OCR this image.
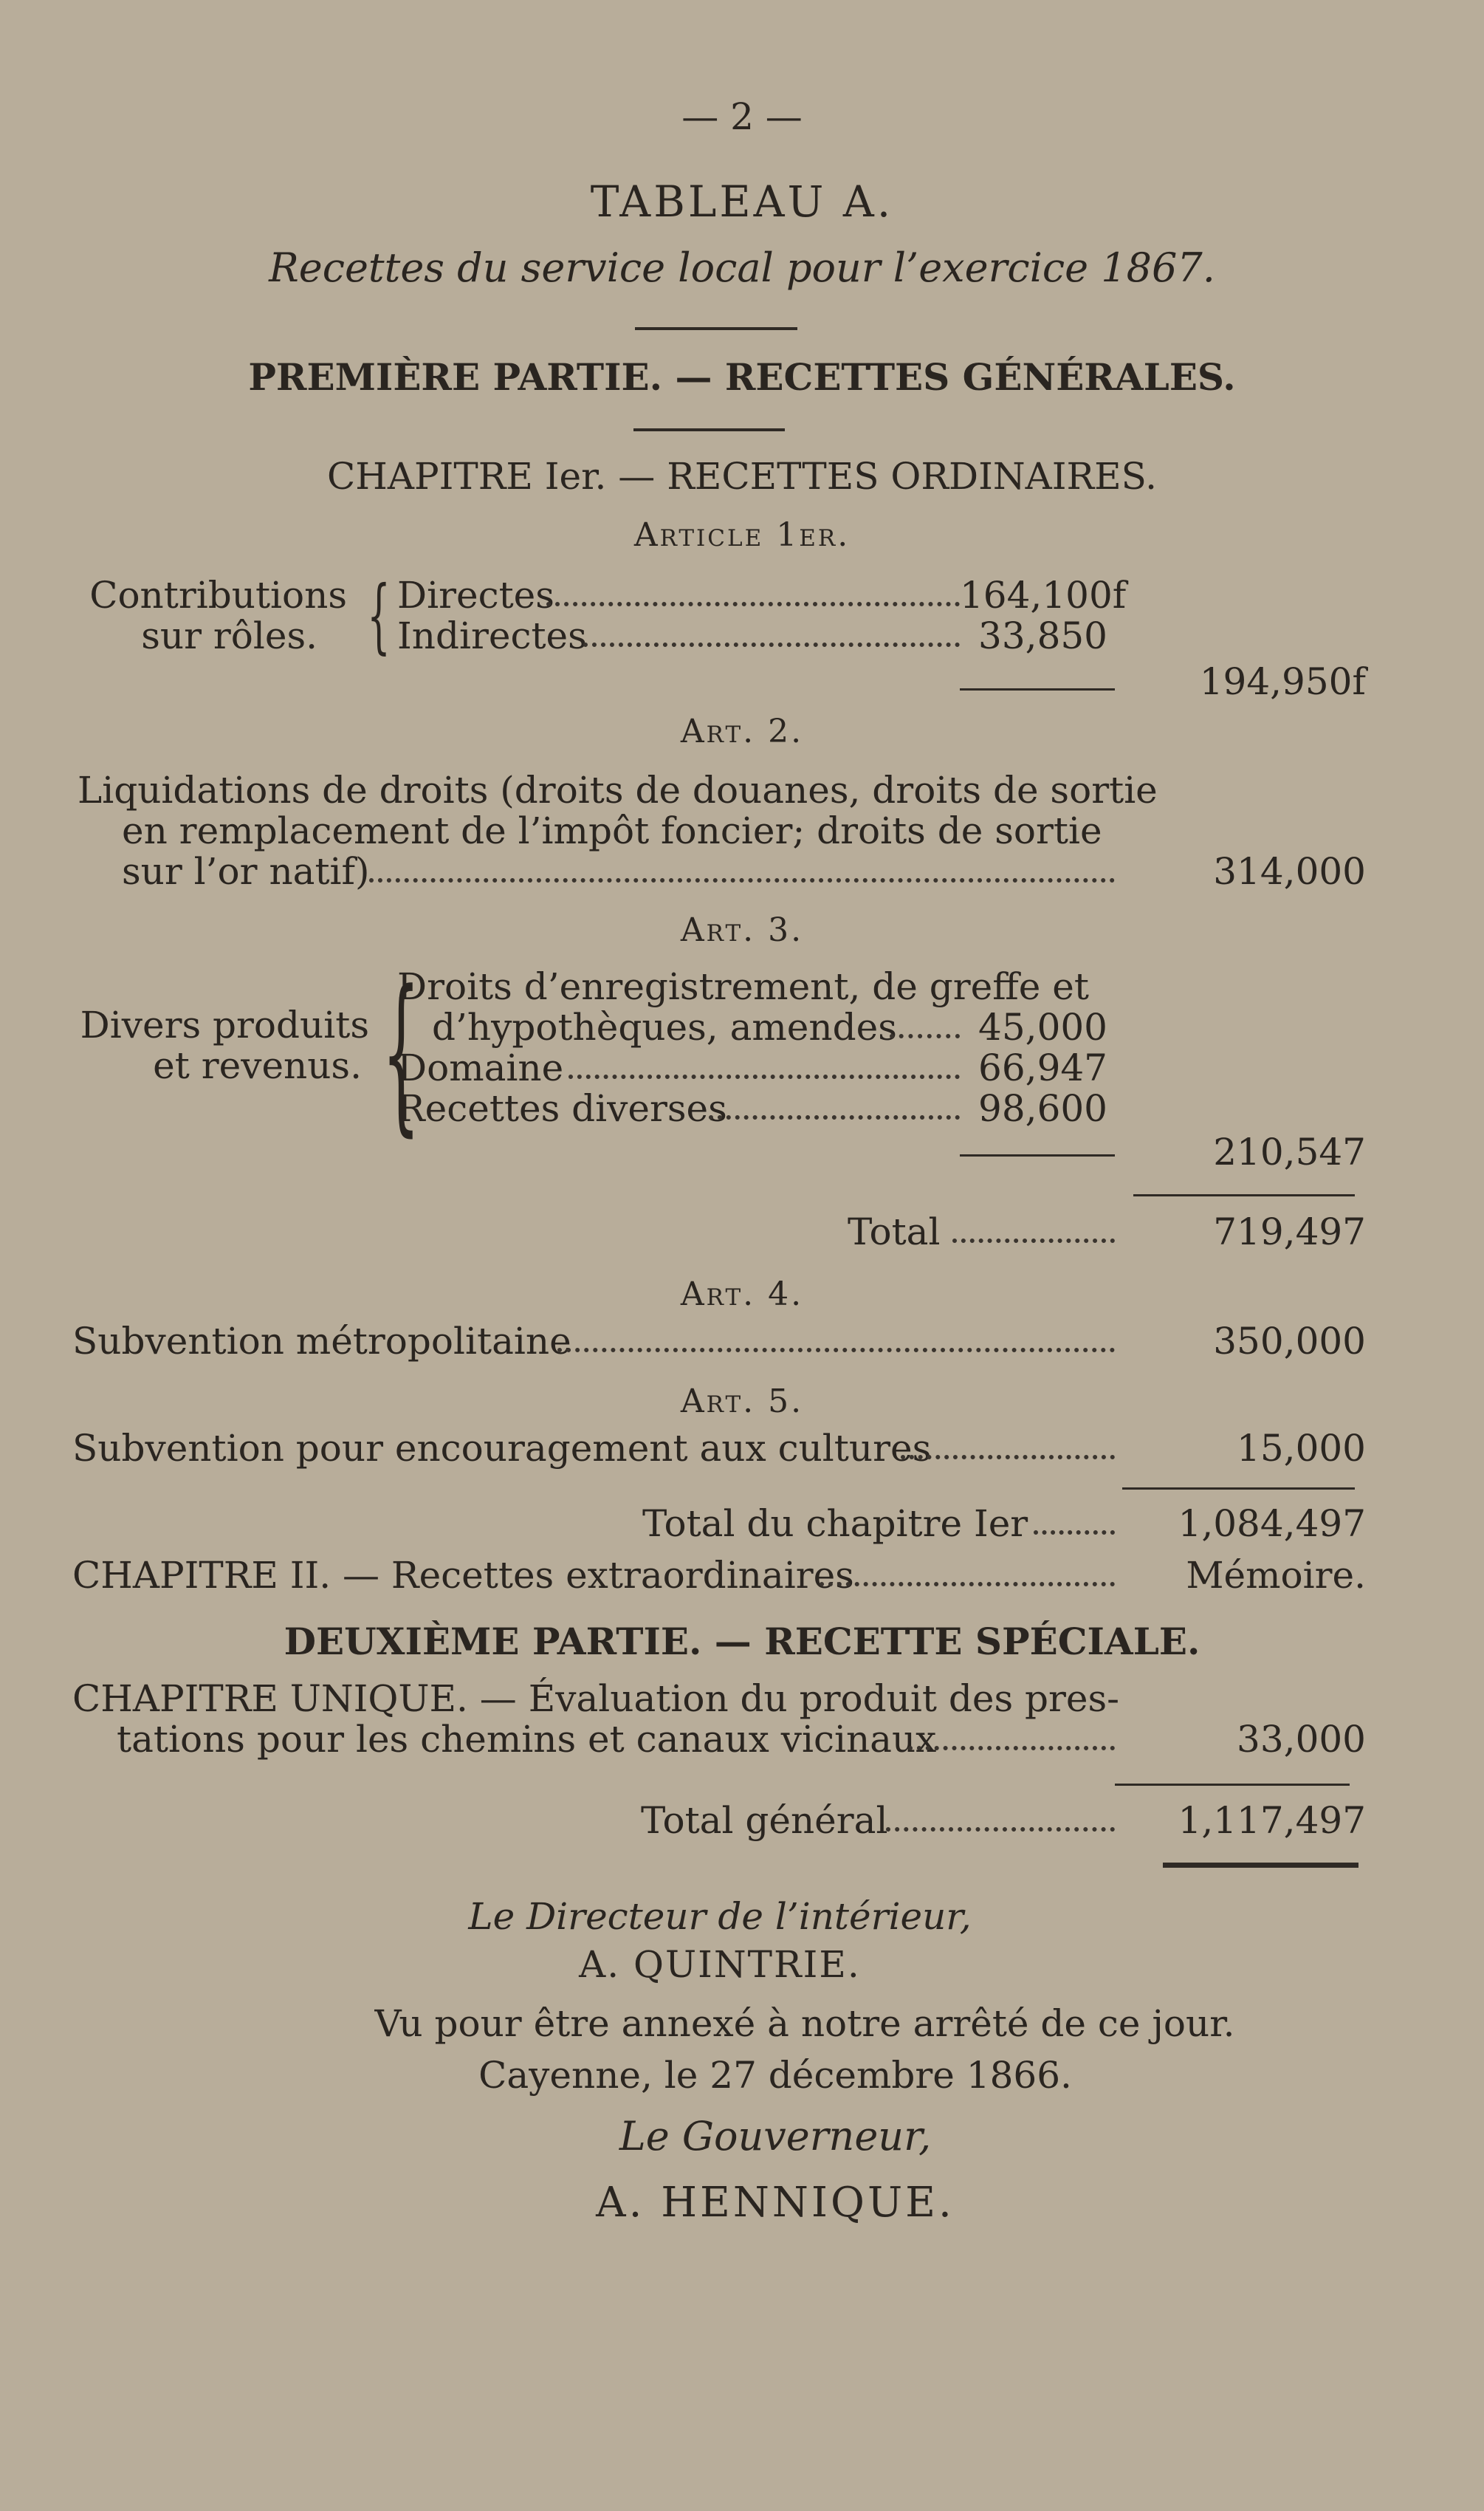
— 2 —
TABLEAU A.
Recettes du service local pour l’exercice 1867.
PREMIÈRE PARTIE. — RECETTES GÉNÉRALES.
CHAPITRE Ier. — RECETTES ORDINAIRES.
Article 1er.
Contributions
sur rôles. { Directes	164,100f
Indirectes	33,850
194,950f
Art. 2.
Liquidations de droits (droits de douanes, droits de sortie
en remplacement de l’impôt foncier; droits de sortie
sur l’or natif)	314,000
Art. 3.
Divers produits
et revenus. {
Droits d’enregistrement, de greffe et
d’hypothèques, amendes	45,000
Domaine	66,947
Recettes diverses	98,600
210,547
Total	719,497
Art. 4.
Subvention métropolitaine	350,000
Art. 5.
Subvention pour encouragement aux cultures	15,000
Total du chapitre Ier	1,084,497
CHAPITRE II. — Recettes extraordinaires	Mémoire.
DEUXIÈME PARTIE. — RECETTE SPÉCIALE.
CHAPITRE UNIQUE. — Évaluation du produit des pres-
tations pour les chemins et canaux vicinaux	33,000
Total général	1,117,497
Le Directeur de l’intérieur,
A. QUINTRIE.
Vu pour être annexé à notre arrêté de ce jour.
Cayenne, le 27 décembre 1866.
Le Gouverneur,
A. HENNIQUE.
